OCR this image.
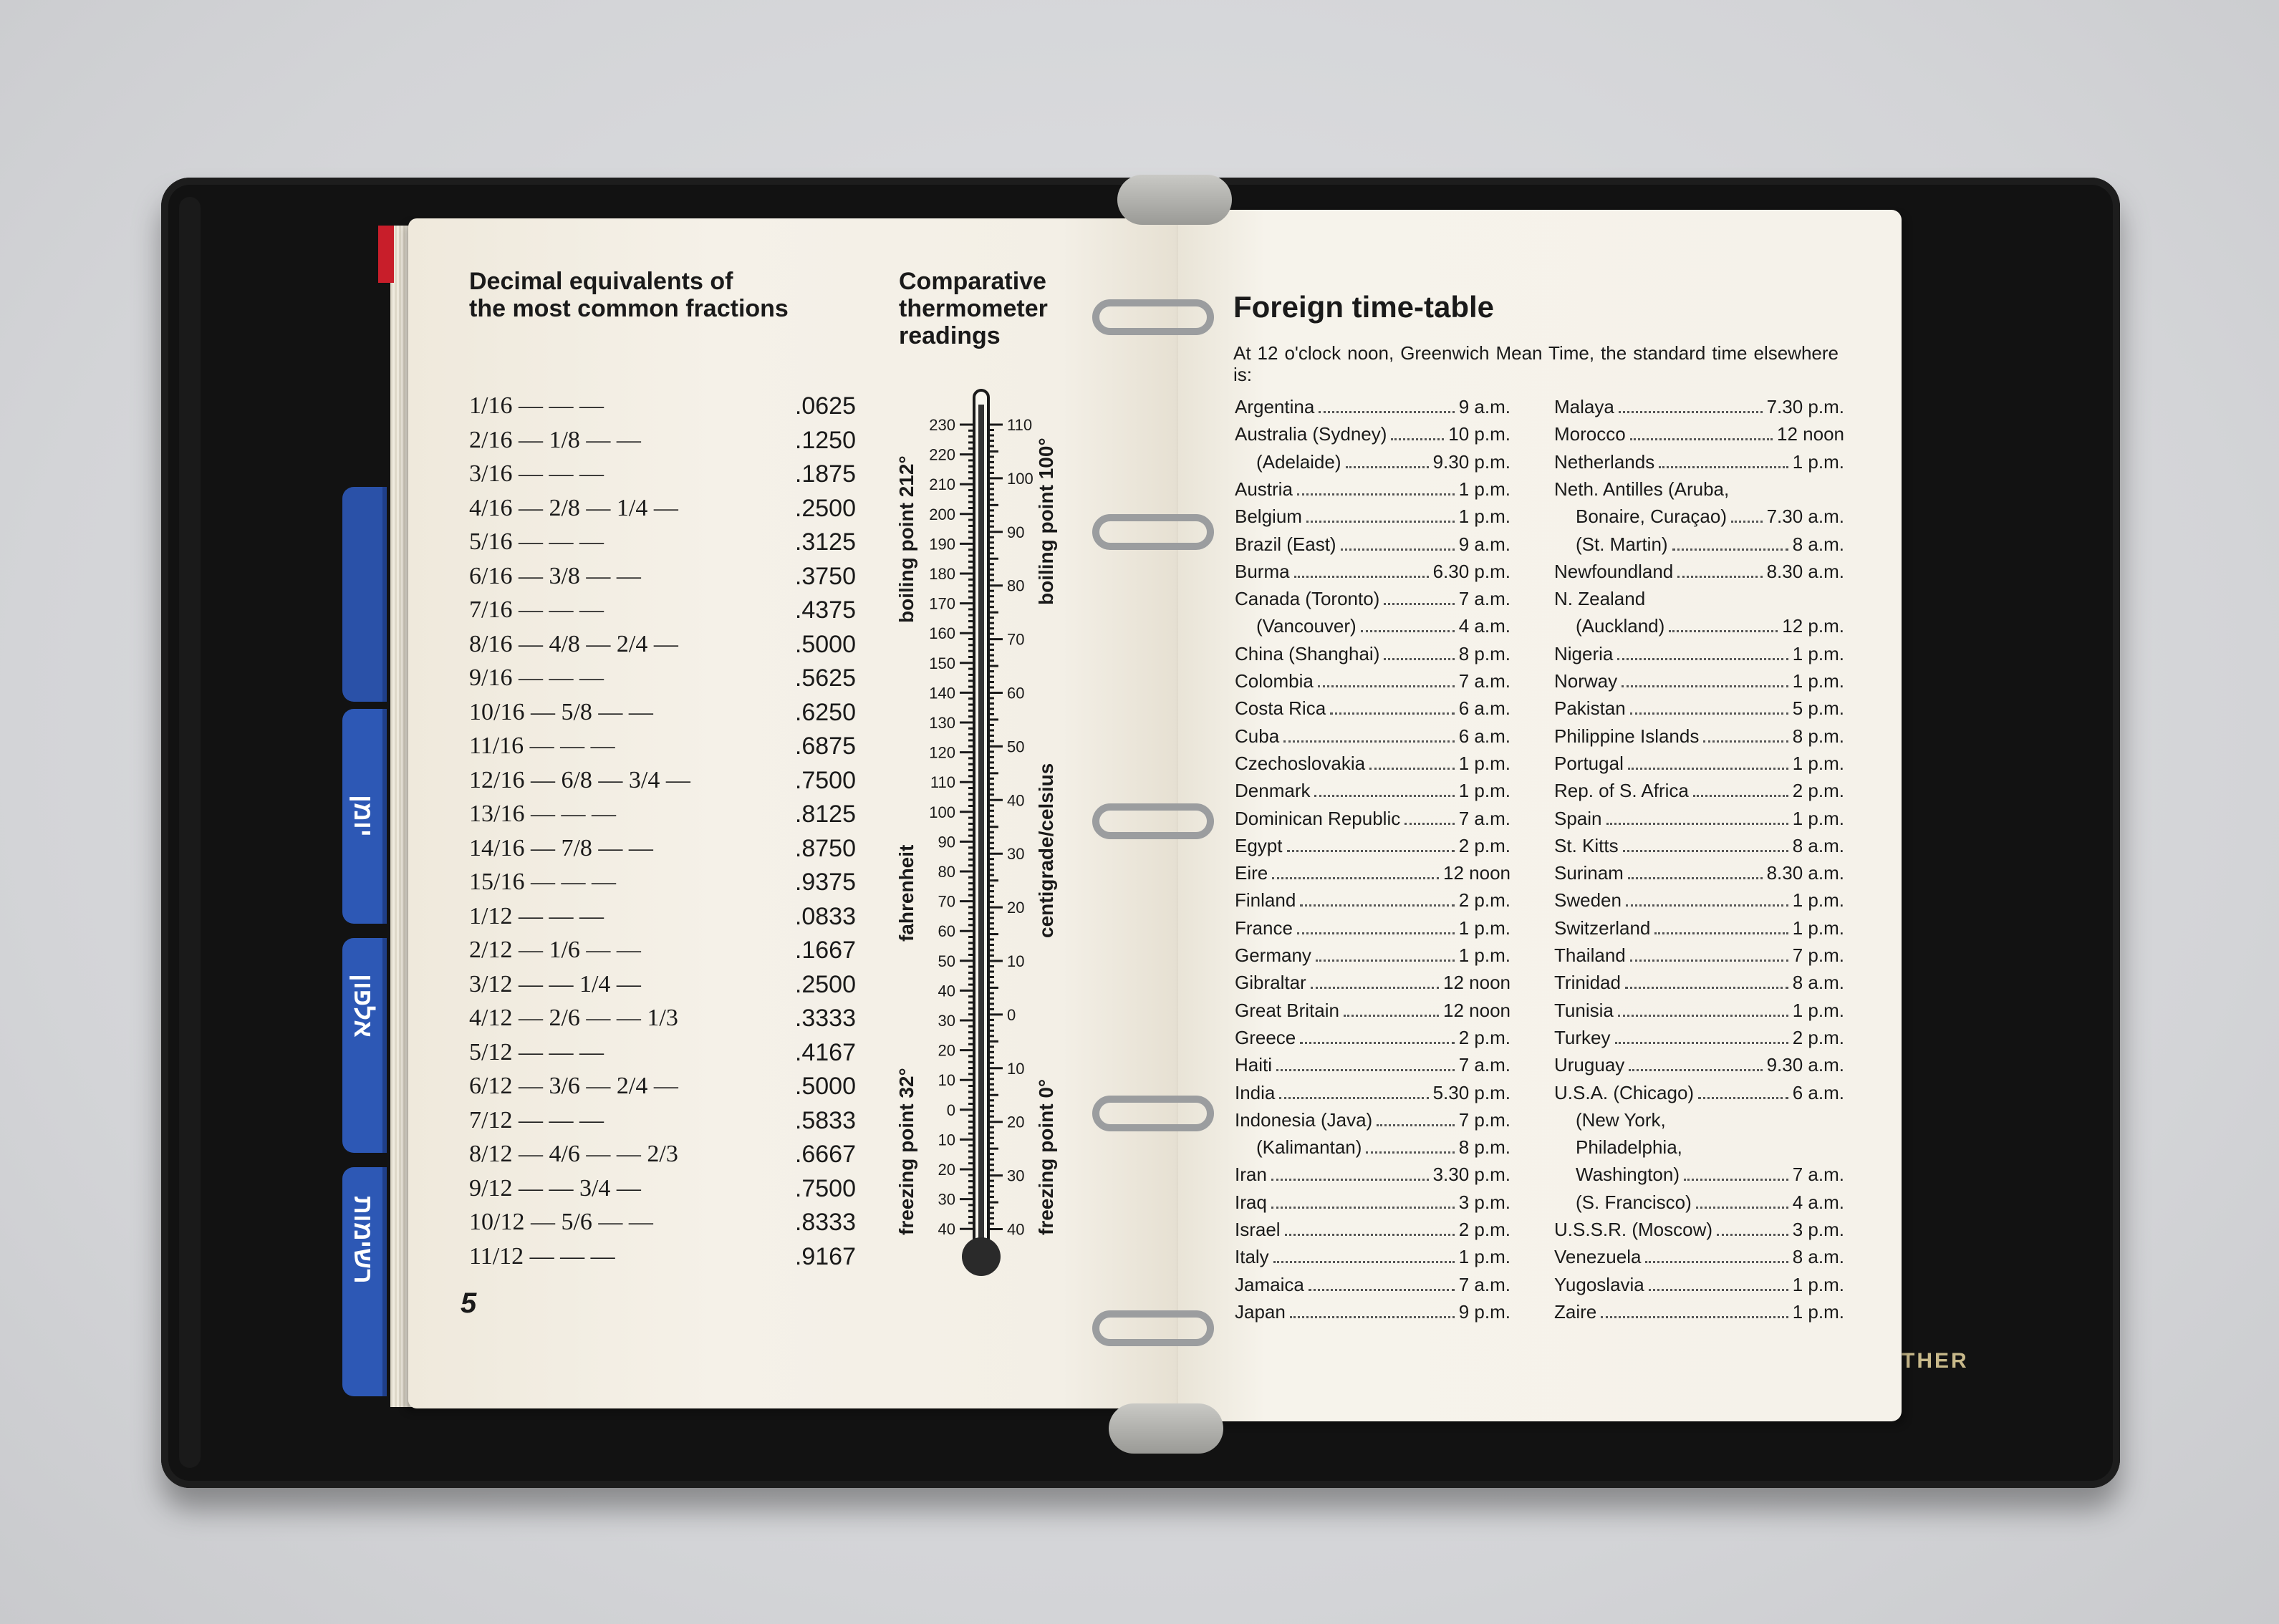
THER
רשימות
אלפון
יומן
Decimal equivalents of
the most common fractions
1/16 — — —	.0625
2/16 — 1/8 — —	.1250
3/16 — — —	.1875
4/16 — 2/8 — 1/4 —	.2500
5/16 — — —	.3125
6/16 — 3/8 — —	.3750
7/16 — — —	.4375
8/16 — 4/8 — 2/4 —	.5000
9/16 — — —	.5625
10/16 — 5/8 — —	.6250
11/16 — — —	.6875
12/16 — 6/8 — 3/4 —	.7500
13/16 — — —	.8125
14/16 — 7/8 — —	.8750
15/16 — — —	.9375
1/12 — — —	.0833
2/12 — 1/6 — —	.1667
3/12 — — 1/4 —	.2500
4/12 — 2/6 — — 1/3	.3333
5/12 — — —	.4167
6/12 — 3/6 — 2/4 —	.5000
7/12 — — —	.5833
8/12 — 4/6 — — 2/3	.6667
9/12 — — 3/4 —	.7500
10/12 — 5/6 — —	.8333
11/12 — — —	.9167
5
Comparative
thermometer
readings
230
220
210
200
190
180
170
160
150
140
130
120
110
100
90
80
70
60
50
40
30
20
10
0
10
20
30
40
110
100
90
80
70
60
50
40
30
20
10
0
10
20
30
40
boiling point 212°
fahrenheit
freezing point 32°
boiling point 100°
centigrade/celsius
freezing point 0°
Foreign time-table
At 12 o'clock noon, Greenwich Mean Time, the standard time elsewhere is:
Argentina	9 a.m.
Australia (Sydney)	10 p.m.
(Adelaide)	9.30 p.m.
Austria	1 p.m.
Belgium	1 p.m.
Brazil (East)	9 a.m.
Burma	6.30 p.m.
Canada (Toronto)	7 a.m.
(Vancouver)	4 a.m.
China (Shanghai)	8 p.m.
Colombia	7 a.m.
Costa Rica	6 a.m.
Cuba	6 a.m.
Czechoslovakia	1 p.m.
Denmark	1 p.m.
Dominican Republic	7 a.m.
Egypt	2 p.m.
Eire	12 noon
Finland	2 p.m.
France	1 p.m.
Germany	1 p.m.
Gibraltar	12 noon
Great Britain	12 noon
Greece	2 p.m.
Haiti	7 a.m.
India	5.30 p.m.
Indonesia (Java)	7 p.m.
(Kalimantan)	8 p.m.
Iran	3.30 p.m.
Iraq	3 p.m.
Israel	2 p.m.
Italy	1 p.m.
Jamaica	7 a.m.
Japan	9 p.m.
Malaya	7.30 p.m.
Morocco	12 noon
Netherlands	1 p.m.
Neth. Antilles (Aruba,
Bonaire, Curaçao) 7.30 a.m.
(St. Martin)	8 a.m.
Newfoundland	8.30 a.m.
N. Zealand
(Auckland)	12 p.m.
Nigeria	1 p.m.
Norway	1 p.m.
Pakistan	5 p.m.
Philippine Islands	8 p.m.
Portugal	1 p.m.
Rep. of S. Africa	2 p.m.
Spain	1 p.m.
St. Kitts	8 a.m.
Surinam	8.30 a.m.
Sweden	1 p.m.
Switzerland	1 p.m.
Thailand	7 p.m.
Trinidad	8 a.m.
Tunisia	1 p.m.
Turkey	2 p.m.
Uruguay	9.30 a.m.
U.S.A. (Chicago)	6 a.m.
(New York,
Philadelphia,
Washington)	7 a.m.
(S. Francisco)	4 a.m.
U.S.S.R. (Moscow)	3 p.m.
Venezuela	8 a.m.
Yugoslavia	1 p.m.
Zaire	1 p.m.
